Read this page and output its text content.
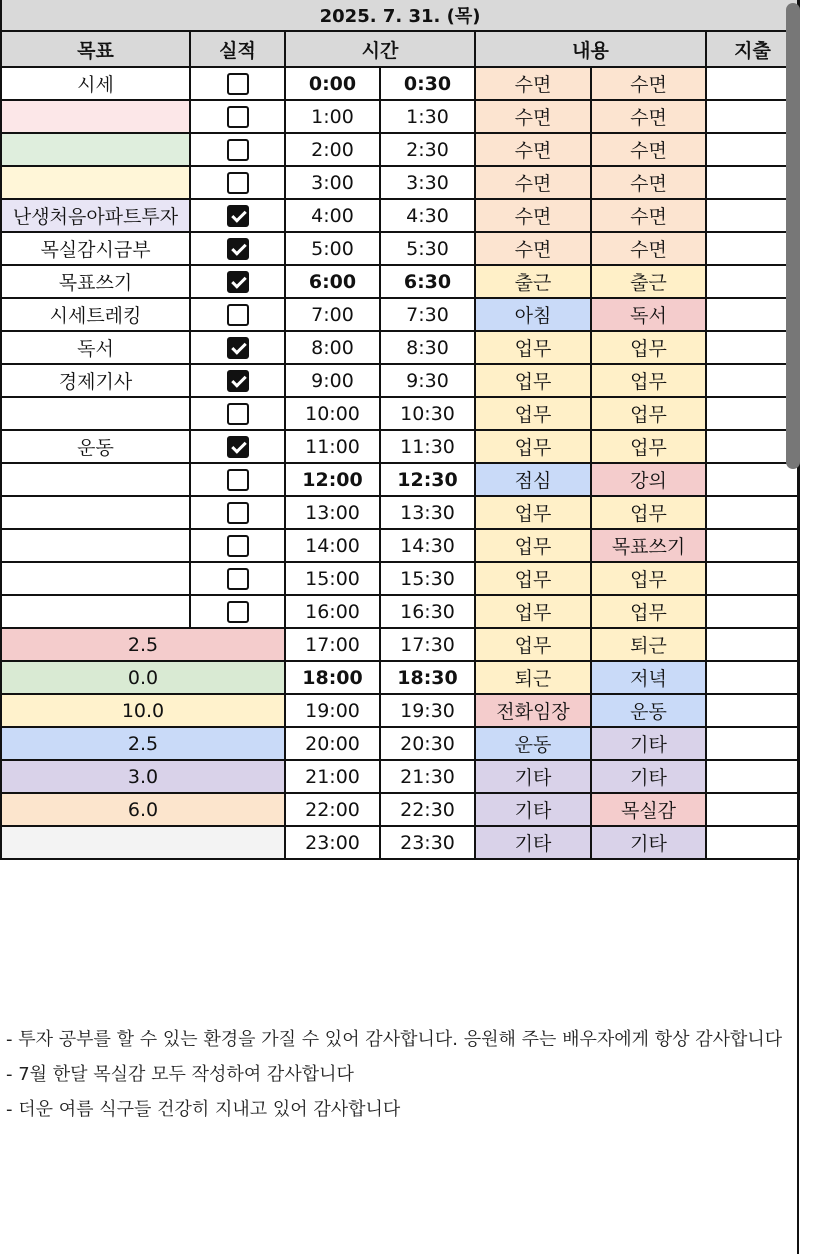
2025. 7. 31. (목)						
목표	실적	시간		내용		지출
시세		0:00	0:30	수면	수면	
		1:00	1:30	수면	수면	
		2:00	2:30	수면	수면	
		3:00	3:30	수면	수면	
난생처음아파트투자		4:00	4:30	수면	수면	
목실감시금부		5:00	5:30	수면	수면	
목표쓰기		6:00	6:30	출근	출근	
시세트레킹		7:00	7:30	아침	독서	
독서		8:00	8:30	업무	업무	
경제기사		9:00	9:30	업무	업무	
		10:00	10:30	업무	업무	
운동		11:00	11:30	업무	업무	
		12:00	12:30	점심	강의	
		13:00	13:30	업무	업무	
		14:00	14:30	업무	목표쓰기	
		15:00	15:30	업무	업무	
		16:00	16:30	업무	업무	
2.5		17:00	17:30	업무	퇴근	
0.0		18:00	18:30	퇴근	저녁	
10.0		19:00	19:30	전화임장	운동	
2.5		20:00	20:30	운동	기타	
3.0		21:00	21:30	기타	기타	
6.0		22:00	22:30	기타	목실감	
		23:00	23:30	기타	기타	
- 투자 공부를 할 수 있는 환경을 가질 수 있어 감사합니다. 응원해 주는 배우자에게 항상 감사합니다
- 7월 한달 목실감 모두 작성하여 감사합니다
- 더운 여름 식구들 건강히 지내고 있어 감사합니다
